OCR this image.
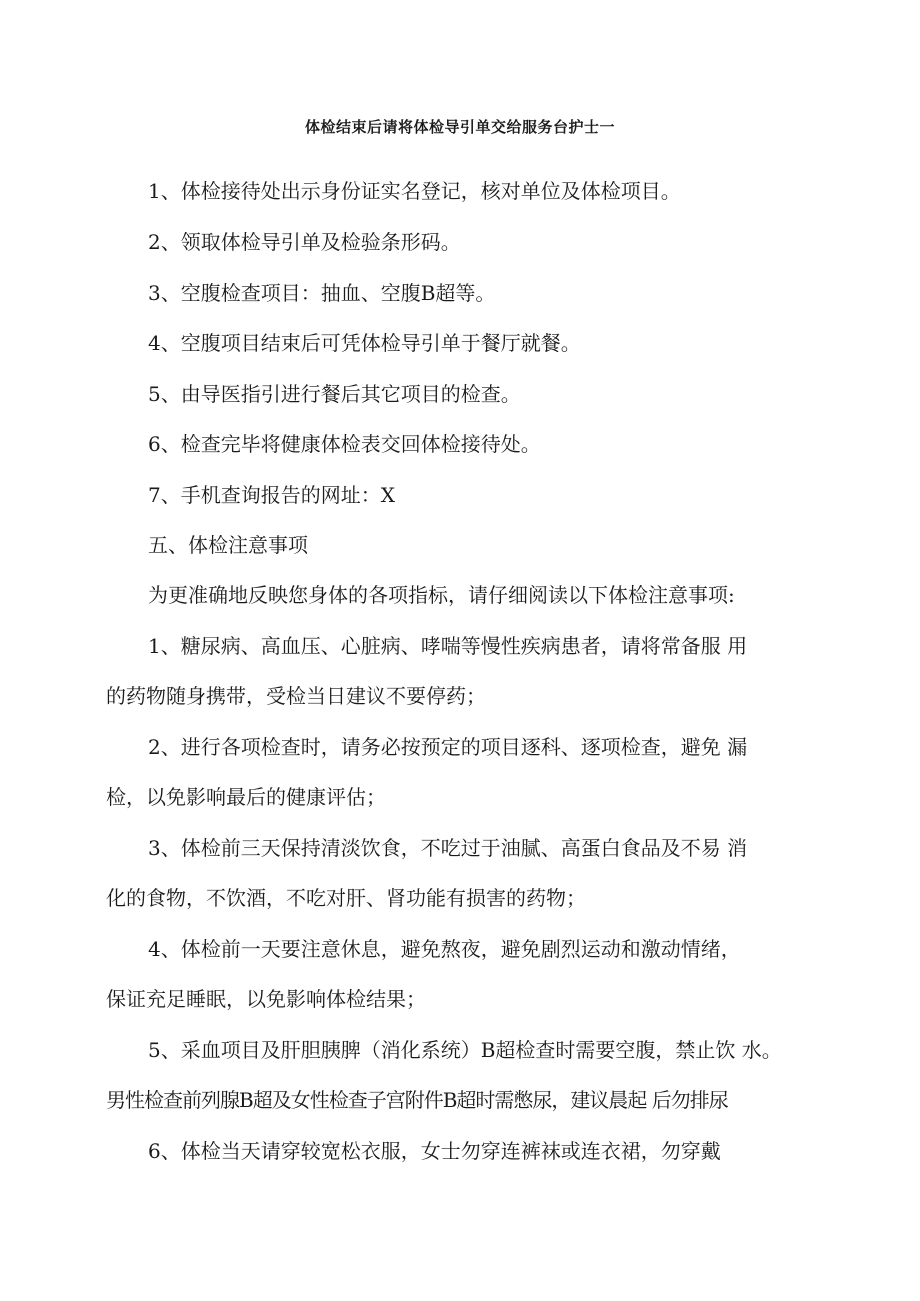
体检结束后请将体检导引单交给服务台护士一

1、体检接待处出示身份证实名登记，核对单位及体检项目。

2、领取体检导引单及检验条形码。

3、空腹检查项目：抽血、空腹B超等。

4、空腹项目结束后可凭体检导引单于餐厅就餐。

5、由导医指引进行餐后其它项目的检查。

6、检查完毕将健康体检表交回体检接待处。

7、手机查询报告的网址：X

五、体检注意事项

为更准确地反映您身体的各项指标，请仔细阅读以下体检注意事项:

1、糖尿病、高血压、心脏病、哮喘等慢性疾病患者，请将常备服 用

的药物随身携带，受检当日建议不要停药；

2、进行各项检查时，请务必按预定的项目逐科、逐项检查，避免 漏

检，以免影响最后的健康评估；

3、体检前三天保持清淡饮食，不吃过于油腻、高蛋白食品及不易 消

化的食物，不饮酒，不吃对肝、肾功能有损害的药物；

4、体检前一天要注意休息，避免熬夜，避免剧烈运动和激动情绪，

保证充足睡眠，以免影响体检结果；

5、采血项目及肝胆胰脾（消化系统）B超检查时需要空腹，禁止饮 水。

男性检查前列腺B超及女性检查子宫附件B超时需憋尿，建议晨起 后勿排尿

6、体检当天请穿较宽松衣服，女士勿穿连裤袜或连衣裙，勿穿戴
